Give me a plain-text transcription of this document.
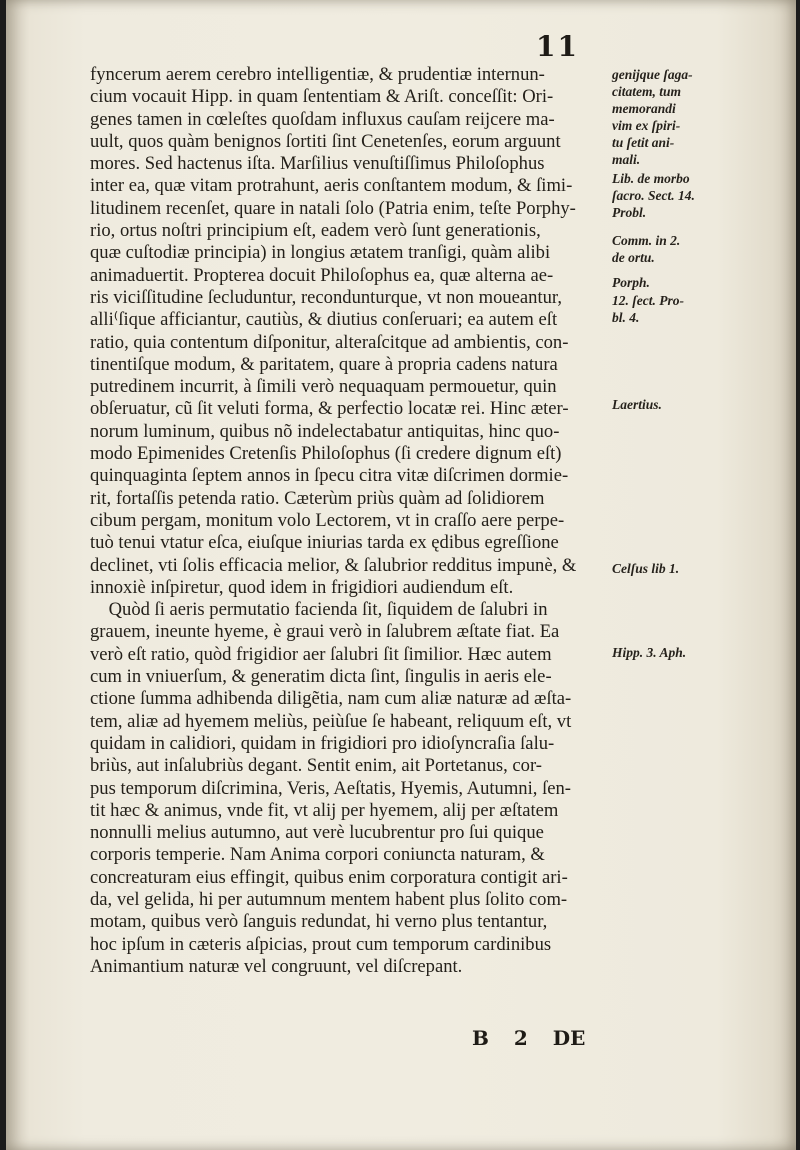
11
fyncerum aerem cerebro intelligentiæ, & prudentiæ internun-
cium vocauit Hipp. in quam ſententiam & Ariſt. conceſſit: Ori-
genes tamen in cœleſtes quoſdam influxus cauſam reijcere ma-
uult, quos quàm benignos ſortiti ſint Cenetenſes, eorum arguunt
mores. Sed hactenus iſta. Marſilius venuſtiſſimus Philoſophus
inter ea, quæ vitam protrahunt, aeris conſtantem modum, & ſimi-
litudinem recenſet, quare in natali ſolo (Patria enim, teſte Porphy-
rio, ortus noſtri principium eſt, eadem verò ſunt generationis,
quæ cuſtodiæ principia) in longius ætatem tranſigi, quàm alibi
animaduertit. Propterea docuit Philoſophus ea, quæ alterna ae-
ris viciſſitudine ſecluduntur, recondunturque, vt non moueantur,
alli⁽ſique afficiantur, cautiùs, & diutius conſeruari; ea autem eſt
ratio, quia contentum diſponitur, alteraſcitque ad ambientis, con-
tinentiſque modum, & paritatem, quare à propria cadens natura
putredinem incurrit, à ſimili verò nequaquam permouetur, quin
obſeruatur, cũ ſit veluti forma, & perfectio locatæ rei. Hinc æter-
norum luminum, quibus nõ indelectabatur antiquitas, hinc quo-
modo Epimenides Cretenſis Philoſophus (ſi credere dignum eſt)
quinquaginta ſeptem annos in ſpecu citra vitæ diſcrimen dormie-
rit, fortaſſis petenda ratio. Cæterùm priùs quàm ad ſolidiorem
cibum pergam, monitum volo Lectorem, vt in craſſo aere perpe-
tuò tenui vtatur eſca, eiuſque iniurias tarda ex ędibus egreſſione
declinet, vti ſolis efficacia melior, & ſalubrior redditus impunè, &
innoxiè inſpiretur, quod idem in frigidiori audiendum eſt.
Quòd ſi aeris permutatio facienda ſit, ſiquidem de ſalubri in
grauem, ineunte hyeme, è graui verò in ſalubrem æſtate fiat. Ea
verò eſt ratio, quòd frigidior aer ſalubri ſit ſimilior. Hæc autem
cum in vniuerſum, & generatim dicta ſint, ſingulis in aeris ele-
ctione ſumma adhibenda diligẽtia, nam cum aliæ naturæ ad æſta-
tem, aliæ ad hyemem meliùs, peiùſue ſe habeant, reliquum eſt, vt
quidam in calidiori, quidam in frigidiori pro idioſyncraſia ſalu-
briùs, aut inſalubriùs degant. Sentit enim, ait Portetanus, cor-
pus temporum diſcrimina, Veris, Aeſtatis, Hyemis, Autumni, ſen-
tit hæc & animus, vnde fit, vt alij per hyemem, alij per æſtatem
nonnulli melius autumno, aut verè lucubrentur pro ſui quique
corporis temperie. Nam Anima corpori coniuncta naturam, &
concreaturam eius effingit, quibus enim corporatura contigit ari-
da, vel gelida, hi per autumnum mentem habent plus ſolito com-
motam, quibus verò ſanguis redundat, hi verno plus tentantur,
hoc ipſum in cæteris aſpicias, prout cum temporum cardinibus
Animantium naturæ vel congruunt, vel diſcrepant.
genijque ſaga-
citatem, tum
memorandi
vim ex ſpiri-
tu ſetit ani-
mali.
Lib. de morbo
ſacro. Sect. 14.
Probl.
Comm. in 2.
de ortu.
Porph.
12. ſect. Pro-
bl. 4.
Laertius.
Celſus lib 1.
Hipp. 3. Aph.

B 2 DE
